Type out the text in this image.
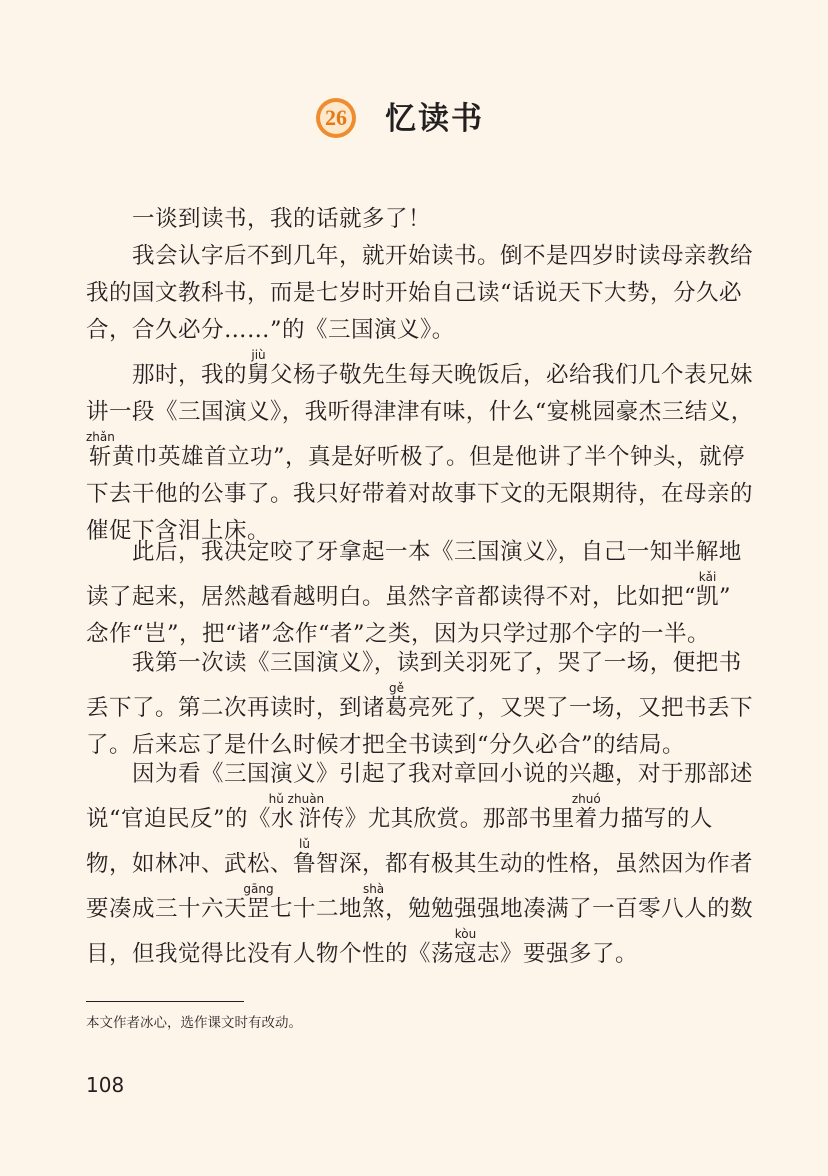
26 忆读书
　　一谈到读书，我的话就多了！
　　我会认字后不到几年，就开始读书。倒不是四岁时读母亲教给
我的国文教科书，而是七岁时开始自己读“话说天下大势，分久必
合，合久必分……”的《三国演义》。
　　那时，我的舅jiù父杨子敬先生每天晚饭后，必给我们几个表兄妹
讲一段《三国演义》，我听得津津有味，什么“宴桃园豪杰三结义，
斩zhǎn黄巾英雄首立功”，真是好听极了。但是他讲了半个钟头，就停
下去干他的公事了。我只好带着对故事下文的无限期待，在母亲的
催促下含泪上床。
　　此后，我决定咬了牙拿起一本《三国演义》，自己一知半解地
读了起来，居然越看越明白。虽然字音都读得不对，比如把“凯kǎi”
念作“岂”，把“诸”念作“者”之类，因为只学过那个字的一半。
　　我第一次读《三国演义》，读到关羽死了，哭了一场，便把书
丢下了。第二次再读时，到诸葛gě亮死了，又哭了一场，又把书丢下
了。后来忘了是什么时候才把全书读到“分久必合”的结局。
　　因为看《三国演义》引起了我对章回小说的兴趣，对于那部述
说“官迫民反”的《水浒hǔ zhuàn传》尤其欣赏。那部书里着zhuó力描写的人
物，如林冲、武松、鲁lǔ智深，都有极其生动的性格，虽然因为作者
要凑成三十六天罡gāng七十二地煞shà，勉勉强强地凑满了一百零八人的数
目，但我觉得比没有人物个性的《荡寇kòu志》要强多了。
本文作者冰心，选作课文时有改动。
108
